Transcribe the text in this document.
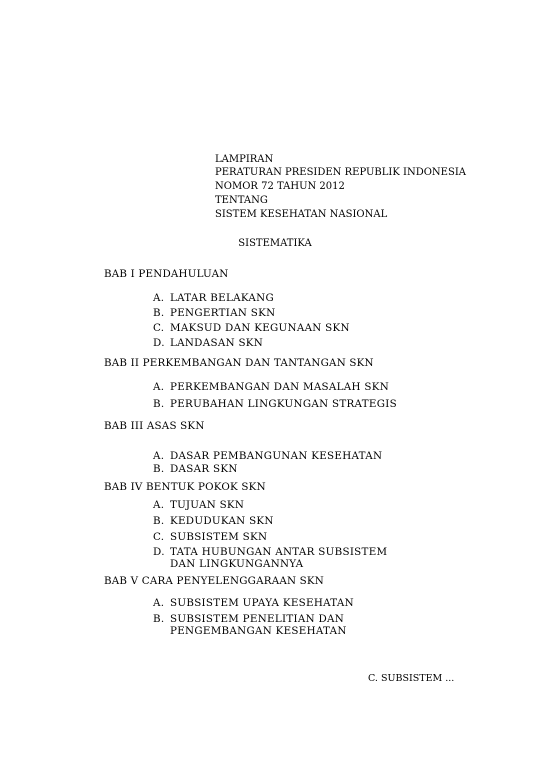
LAMPIRAN
PERATURAN PRESIDEN REPUBLIK INDONESIA
NOMOR 72 TAHUN 2012
TENTANG
SISTEM KESEHATAN NASIONAL
SISTEMATIKA
BAB I PENDAHULUAN
A. LATAR BELAKANG
B. PENGERTIAN SKN
C. MAKSUD DAN KEGUNAAN SKN
D. LANDASAN SKN
BAB II PERKEMBANGAN DAN TANTANGAN SKN
A. PERKEMBANGAN DAN MASALAH SKN
B. PERUBAHAN LINGKUNGAN STRATEGIS
BAB III ASAS SKN
A. DASAR PEMBANGUNAN KESEHATAN
B. DASAR SKN
BAB IV BENTUK POKOK SKN
A. TUJUAN SKN
B. KEDUDUKAN SKN
C. SUBSISTEM SKN
D. TATA HUBUNGAN ANTAR SUBSISTEM DAN LINGKUNGANNYA
BAB V CARA PENYELENGGARAAN SKN
A. SUBSISTEM UPAYA KESEHATAN
B. SUBSISTEM PENELITIAN DAN PENGEMBANGAN KESEHATAN
C. SUBSISTEM ...
